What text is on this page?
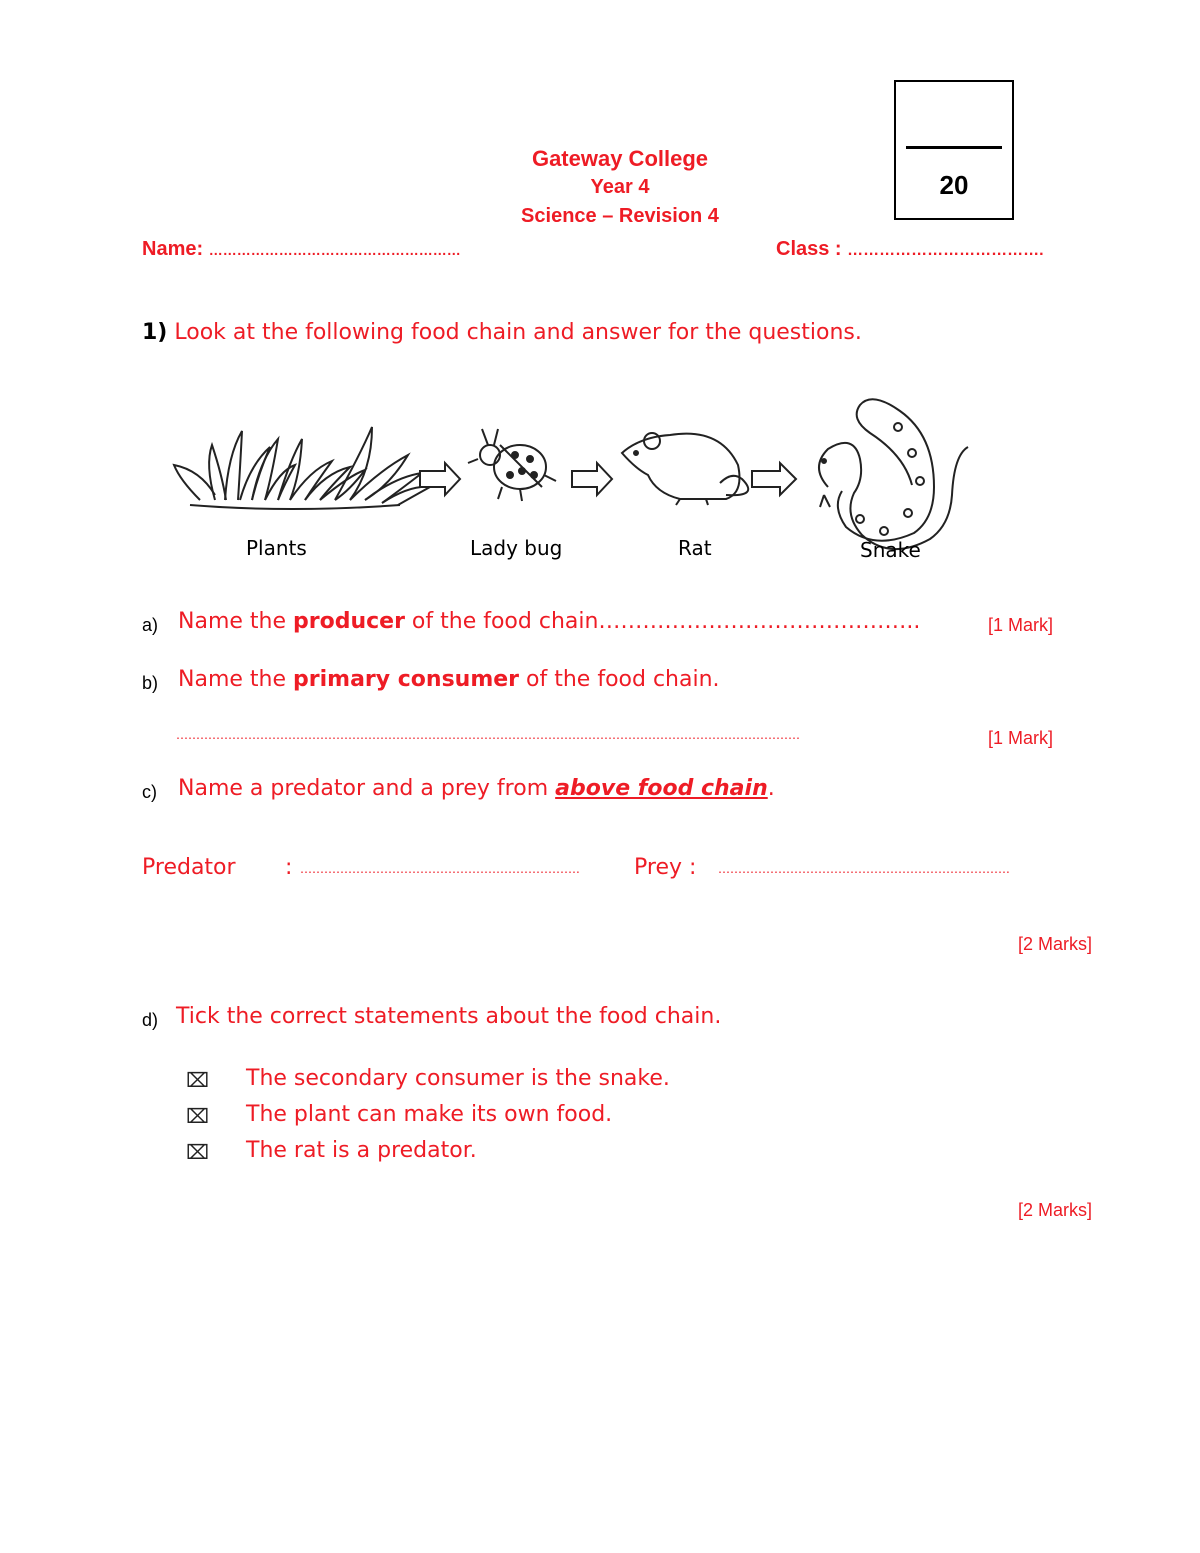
20
Gateway College
Year 4
Science – Revision 4
Name: ………………………………………………	Class : ……………………………….
1) Look at the following food chain and answer for the questions.
Plants	Lady bug	Rat	Snake
a) Name the producer of the food chain……………………………………..	[1 Mark]
b) Name the primary consumer of the food chain.
…………………………………………………………………………………………………………………………………………	[1 Mark]
c) Name a predator and a prey from above food chain.
Predator : …………………………………………………………….	Prey : ……………………………………………………………….
[2 Marks]
d) Tick the correct statements about the food chain.
⌧ The secondary consumer is the snake.
⌧ The plant can make its own food.
⌧ The rat is a predator.
[2 Marks]
